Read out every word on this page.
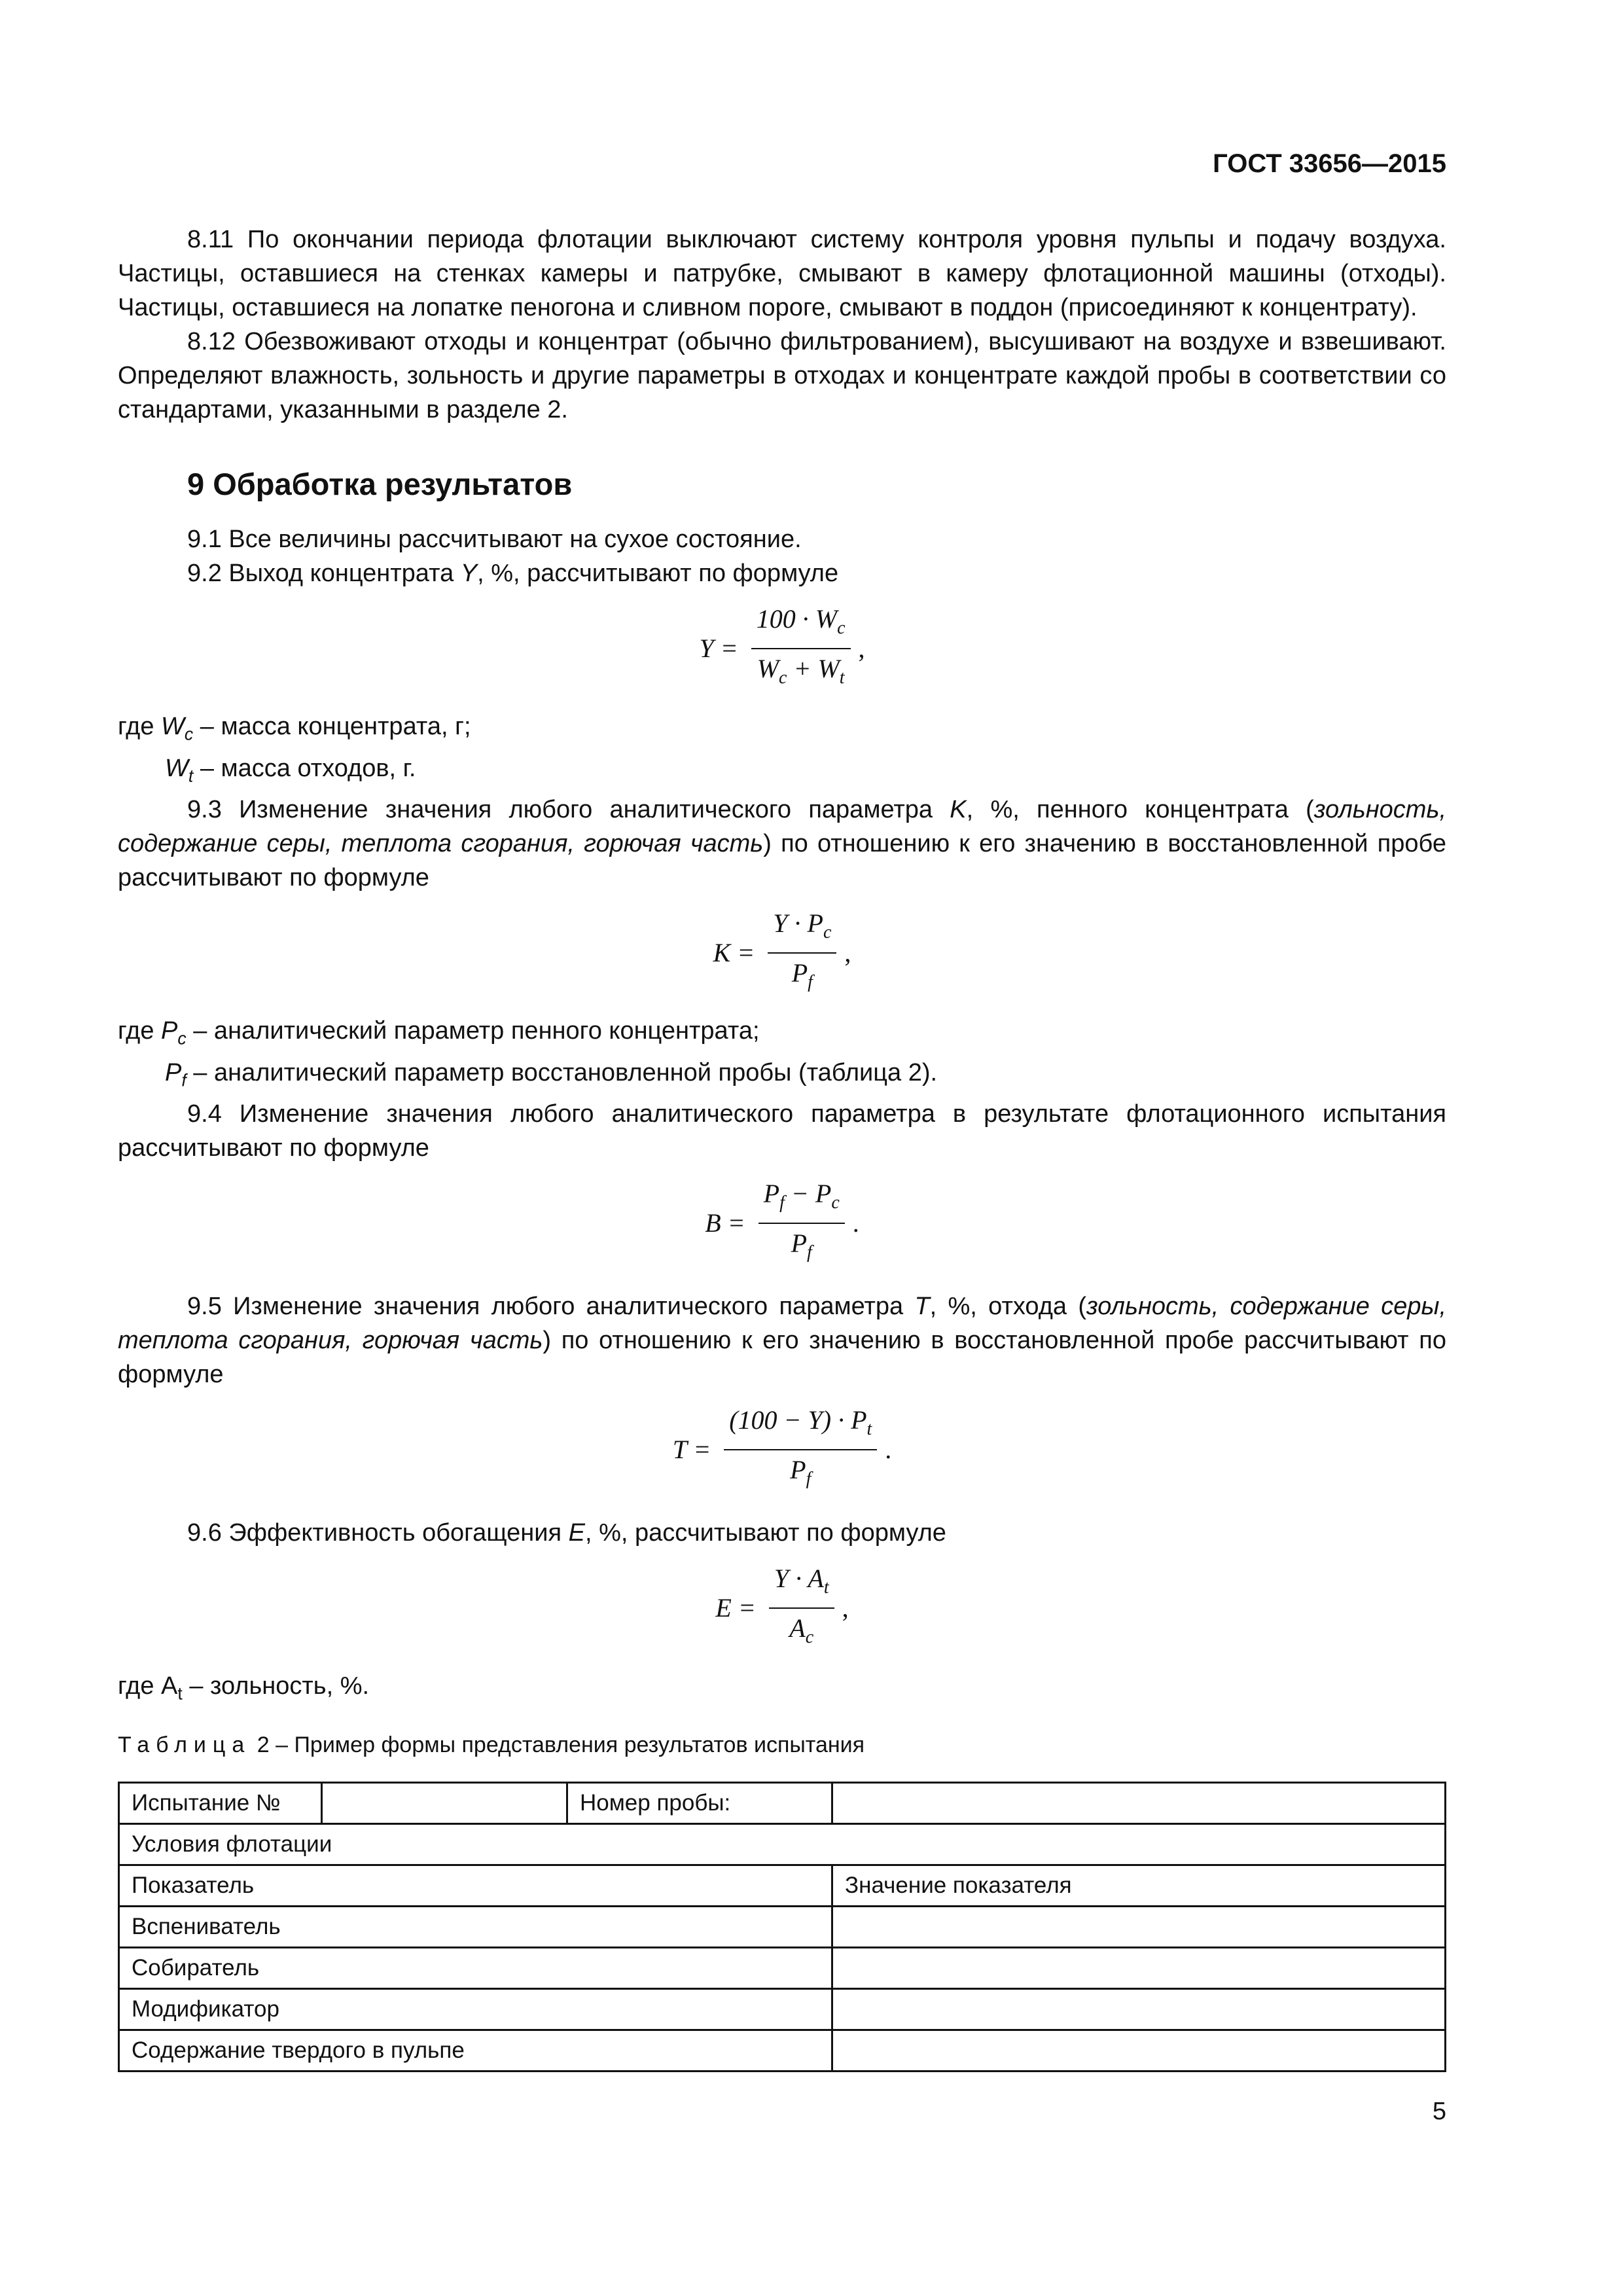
ГОСТ 33656—2015

8.11 По окончании периода флотации выключают систему контроля уровня пульпы и подачу воздуха. Частицы, оставшиеся на стенках камеры и патрубке, смывают в камеру флотационной машины (отходы). Частицы, оставшиеся на лопатке пеногона и сливном пороге, смывают в поддон (присоединяют к концентрату).

8.12 Обезвоживают отходы и концентрат (обычно фильтрованием), высушивают на воздухе и взвешивают. Определяют влажность, зольность и другие параметры в отходах и концентрате каждой пробы в соответствии со стандартами, указанными в разделе 2.

9 Обработка результатов

9.1 Все величины рассчитывают на сухое состояние.

9.2 Выход концентрата Y, %, рассчитывают по формуле

$Y = \frac{100 \cdot W_c}{W_c + W_t}$ ,

где $W_c$ – масса концентрата, г;

$W_t$ – масса отходов, г.

9.3 Изменение значения любого аналитического параметра K, %, пенного концентрата (зольность, содержание серы, теплота сгорания, горючая часть) по отношению к его значению в восстановленной пробе рассчитывают по формуле

$K = \frac{Y \cdot P_c}{P_f}$ ,

где $P_c$ – аналитический параметр пенного концентрата;

$P_f$ – аналитический параметр восстановленной пробы (таблица 2).

9.4 Изменение значения любого аналитического параметра в результате флотационного испытания рассчитывают по формуле

$B = \frac{P_f - P_c}{P_f}$ .

9.5 Изменение значения любого аналитического параметра T, %, отхода (зольность, содержание серы, теплота сгорания, горючая часть) по отношению к его значению в восстановленной пробе рассчитывают по формуле

$T = \frac{(100 - Y) \cdot P_t}{P_f}$ .

9.6 Эффективность обогащения E, %, рассчитывают по формуле

$E = \frac{Y \cdot A_t}{A_c}$ ,

где $A_t$ – зольность, %.

Таблица 2 – Пример формы представления результатов испытания
Испытание №		Номер пробы:	
Условия флотации			
Показатель			Значение показателя
Вспениватель			
Собиратель			
Модификатор			
Содержание твердого в пульпе			
5
